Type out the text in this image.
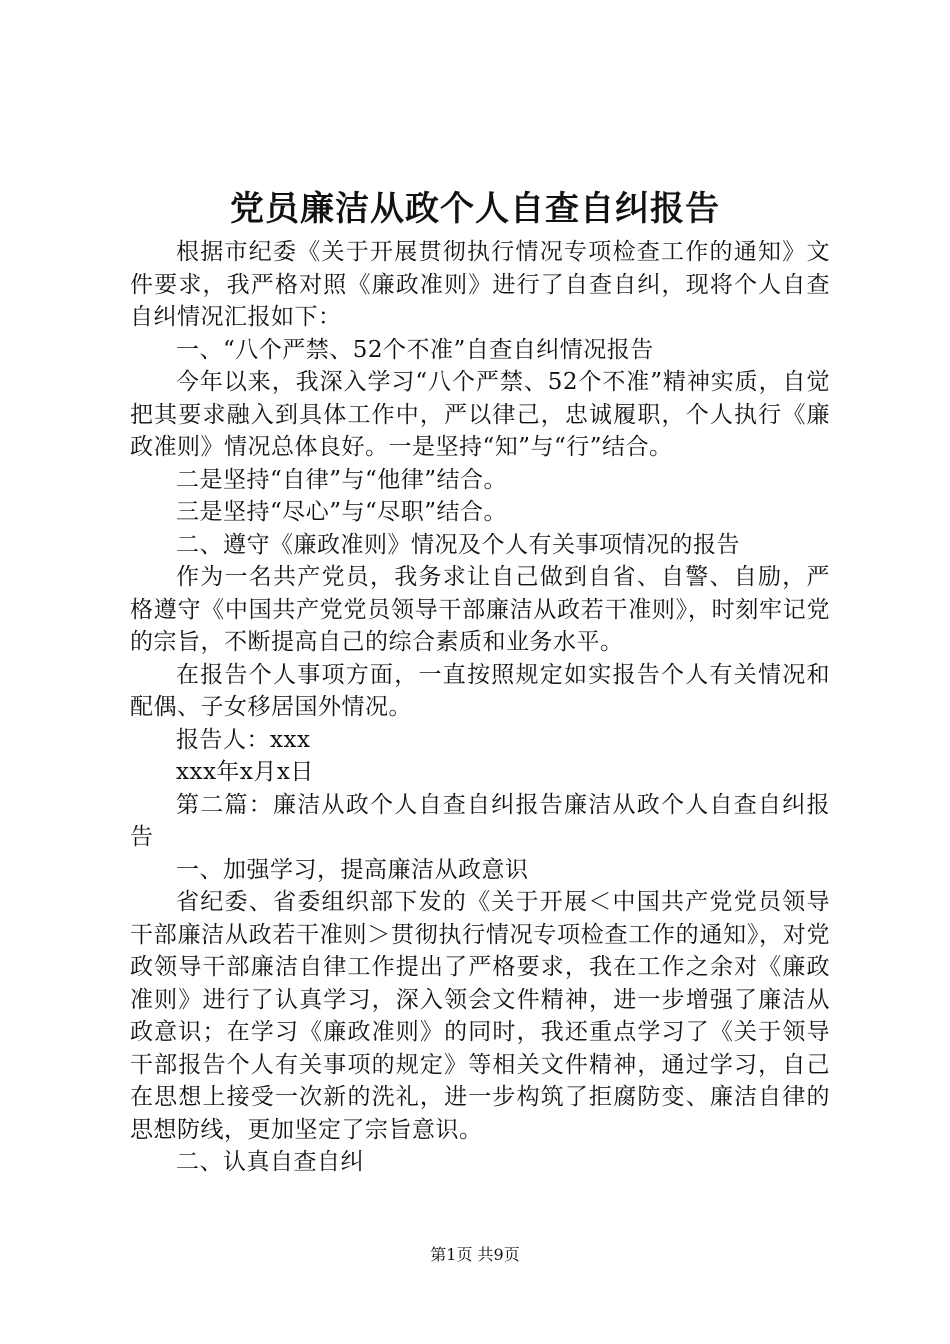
党员廉洁从政个人自查自纠报告

根据市纪委《关于开展贯彻执行情况专项检查工作的通知》文件要求，我严格对照《廉政准则》进行了自查自纠，现将个人自查自纠情况汇报如下：

一、“八个严禁、52个不准”自查自纠情况报告

今年以来，我深入学习“八个严禁、52个不准”精神实质，自觉把其要求融入到具体工作中，严以律己，忠诚履职，个人执行《廉政准则》情况总体良好。一是坚持“知”与“行”结合。

二是坚持“自律”与“他律”结合。

三是坚持“尽心”与“尽职”结合。

二、遵守《廉政准则》情况及个人有关事项情况的报告

作为一名共产党员，我务求让自己做到自省、自警、自励，严格遵守《中国共产党党员领导干部廉洁从政若干准则》，时刻牢记党的宗旨，不断提高自己的综合素质和业务水平。

在报告个人事项方面，一直按照规定如实报告个人有关情况和配偶、子女移居国外情况。

报告人：xxx

xxx年x月x日

第二篇：廉洁从政个人自查自纠报告廉洁从政个人自查自纠报告

一、加强学习，提高廉洁从政意识

省纪委、省委组织部下发的《关于开展＜中国共产党党员领导干部廉洁从政若干准则＞贯彻执行情况专项检查工作的通知》，对党政领导干部廉洁自律工作提出了严格要求，我在工作之余对《廉政准则》进行了认真学习，深入领会文件精神，进一步增强了廉洁从政意识；在学习《廉政准则》的同时，我还重点学习了《关于领导干部报告个人有关事项的规定》等相关文件精神，通过学习，自己在思想上接受一次新的洗礼，进一步构筑了拒腐防变、廉洁自律的思想防线，更加坚定了宗旨意识。

二、认真自查自纠

第1页 共9页
